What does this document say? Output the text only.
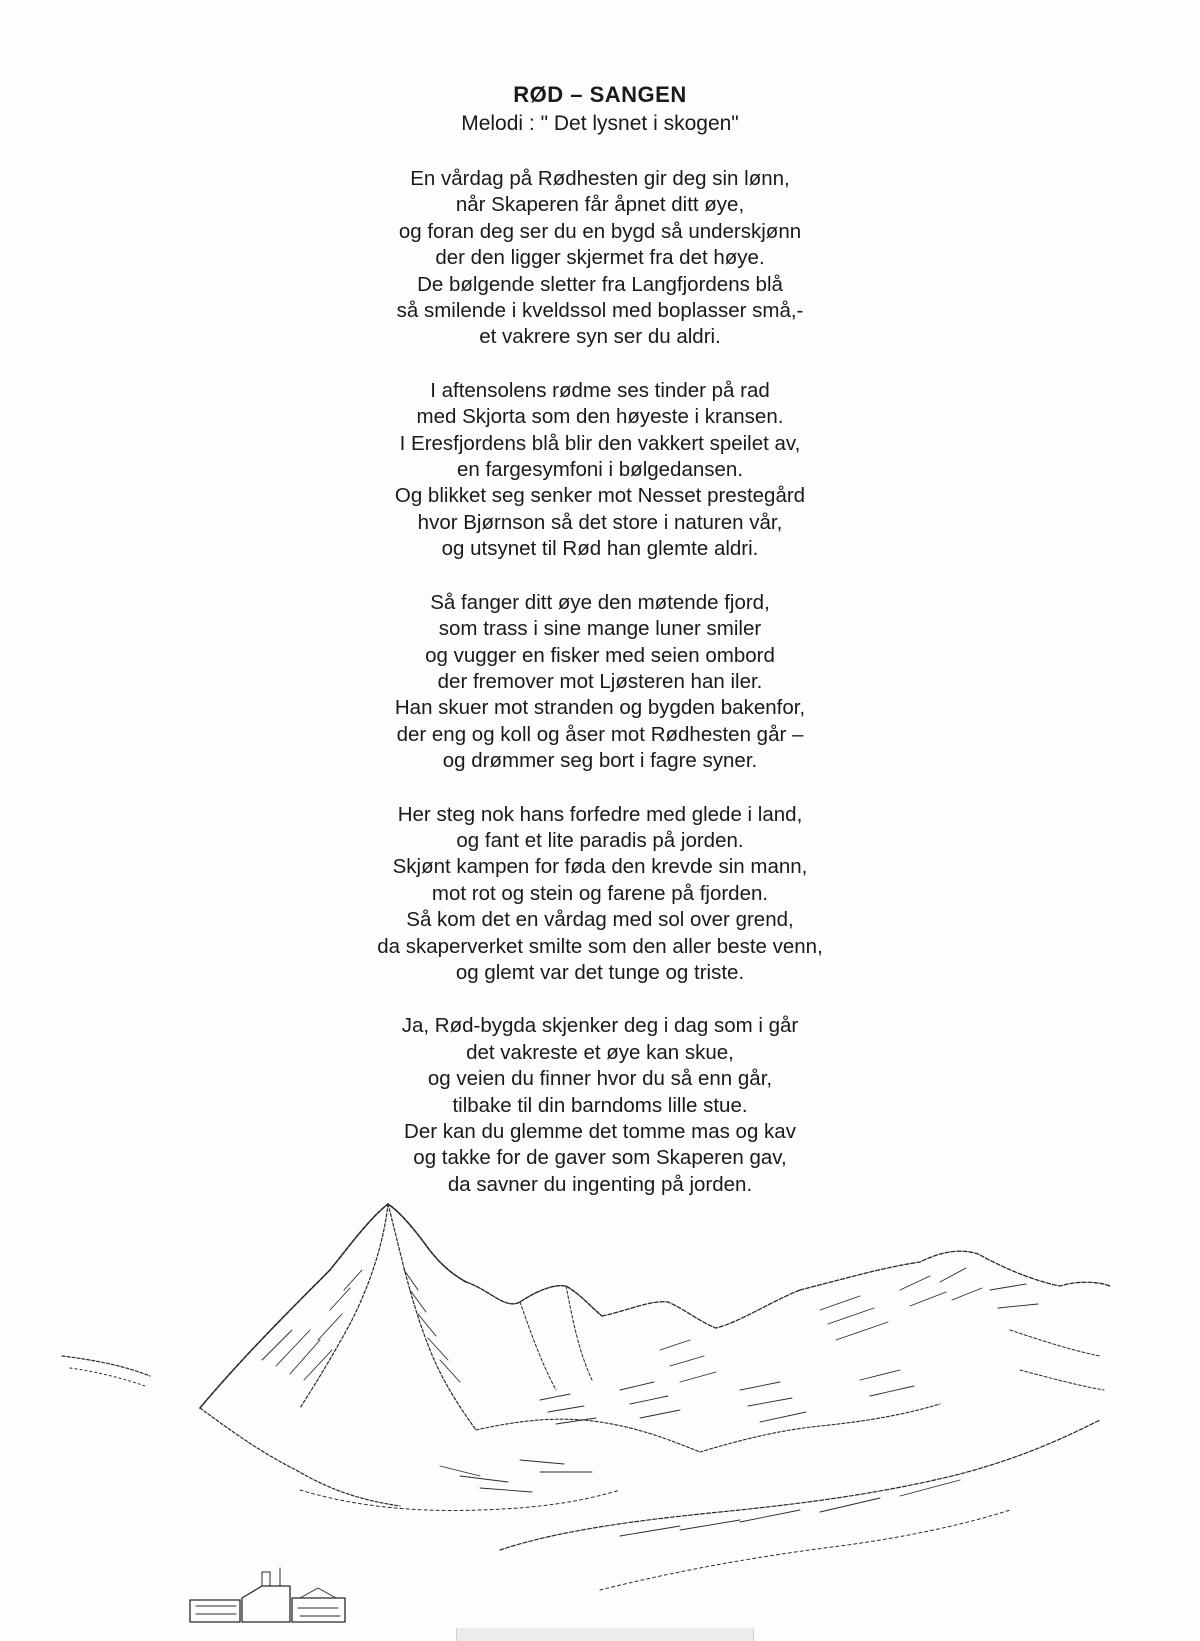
RØD – SANGEN
Melodi : " Det lysnet i skogen"
En vårdag på Rødhesten gir deg sin lønn,
når Skaperen får åpnet ditt øye,
og foran deg ser du en bygd så underskjønn
der den ligger skjermet fra det høye.
De bølgende sletter fra Langfjordens blå
så smilende i kveldssol med boplasser små,-
et vakrere syn ser du aldri.
I aftensolens rødme ses tinder på rad
med Skjorta som den høyeste i kransen.
I Eresfjordens blå blir den vakkert speilet av,
en fargesymfoni i bølgedansen.
Og blikket seg senker mot Nesset prestegård
hvor Bjørnson så det store i naturen vår,
og utsynet til Rød han glemte aldri.
Så fanger ditt øye den møtende fjord,
som trass i sine mange luner smiler
og vugger en fisker med seien ombord
der fremover mot Ljøsteren han iler.
Han skuer mot stranden og bygden bakenfor,
der eng og koll og åser mot Rødhesten går –
og drømmer seg bort i fagre syner.
Her steg nok hans forfedre med glede i land,
og fant et lite paradis på jorden.
Skjønt kampen for føda den krevde sin mann,
mot rot og stein og farene på fjorden.
Så kom det en vårdag med sol over grend,
da skaperverket smilte som den aller beste venn,
og glemt var det tunge og triste.
Ja, Rød-bygda skjenker deg i dag som i går
det vakreste et øye kan skue,
og veien du finner hvor du så enn går,
tilbake til din barndoms lille stue.
Der kan du glemme det tomme mas og kav
og takke for de gaver som Skaperen gav,
da savner du ingenting på jorden.
